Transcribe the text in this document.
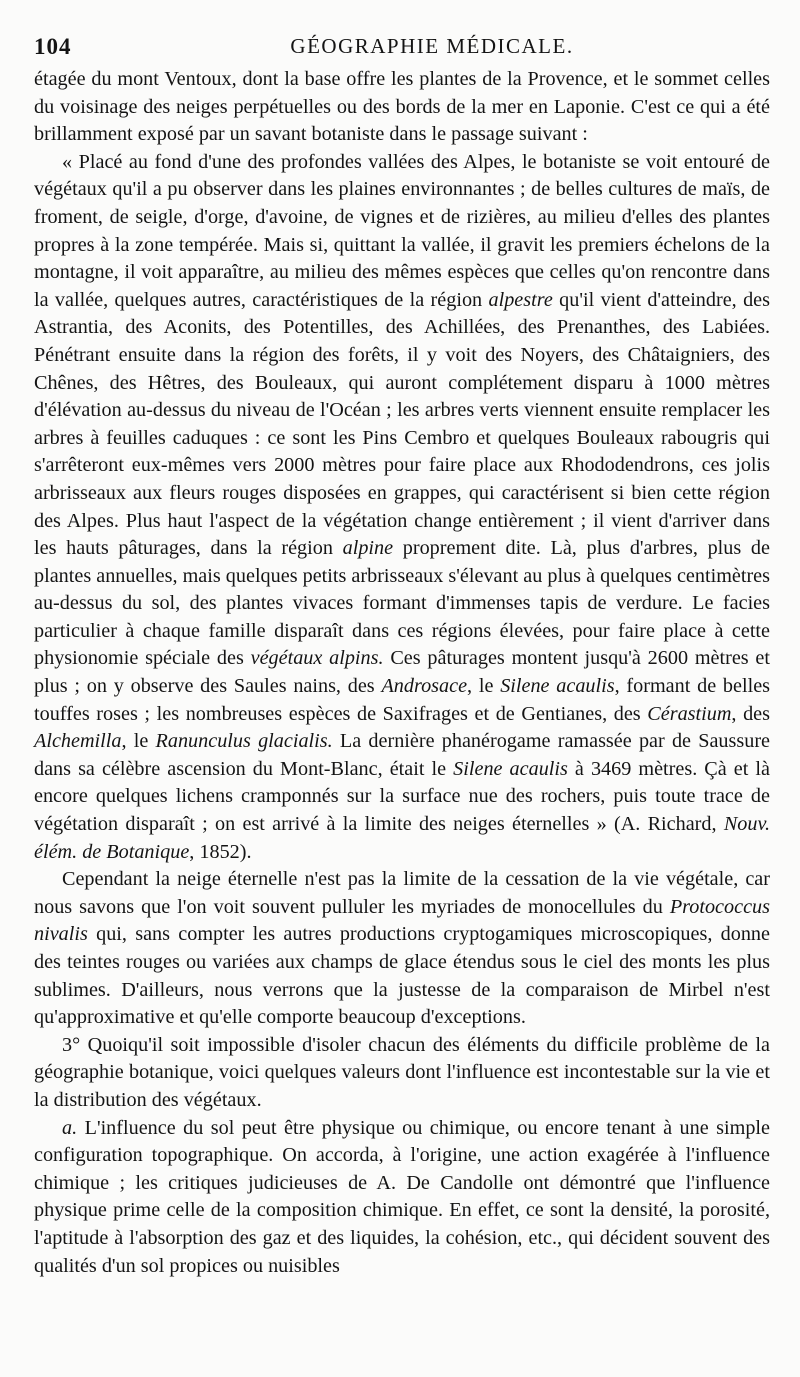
104	GÉOGRAPHIE MÉDICALE.

étagée du mont Ventoux, dont la base offre les plantes de la Provence, et le sommet celles du voisinage des neiges perpétuelles ou des bords de la mer en Laponie. C'est ce qui a été brillamment exposé par un savant botaniste dans le passage suivant :

« Placé au fond d'une des profondes vallées des Alpes, le botaniste se voit entouré de végétaux qu'il a pu observer dans les plaines environnantes ; de belles cultures de maïs, de froment, de seigle, d'orge, d'avoine, de vignes et de rizières, au milieu d'elles des plantes propres à la zone tempérée. Mais si, quittant la vallée, il gravit les premiers échelons de la montagne, il voit apparaître, au milieu des mêmes espèces que celles qu'on rencontre dans la vallée, quelques autres, caractéristiques de la région alpestre qu'il vient d'atteindre, des Astrantia, des Aconits, des Potentilles, des Achillées, des Prenanthes, des Labiées. Pénétrant ensuite dans la région des forêts, il y voit des Noyers, des Châtaigniers, des Chênes, des Hêtres, des Bouleaux, qui auront complétement disparu à 1000 mètres d'élévation au-dessus du niveau de l'Océan ; les arbres verts viennent ensuite remplacer les arbres à feuilles caduques : ce sont les Pins Cembro et quelques Bouleaux rabougris qui s'arrêteront eux-mêmes vers 2000 mètres pour faire place aux Rhododendrons, ces jolis arbrisseaux aux fleurs rouges disposées en grappes, qui caractérisent si bien cette région des Alpes. Plus haut l'aspect de la végétation change entièrement ; il vient d'arriver dans les hauts pâturages, dans la région alpine proprement dite. Là, plus d'arbres, plus de plantes annuelles, mais quelques petits arbrisseaux s'élevant au plus à quelques centimètres au-dessus du sol, des plantes vivaces formant d'immenses tapis de verdure. Le facies particulier à chaque famille disparaît dans ces régions élevées, pour faire place à cette physionomie spéciale des végétaux alpins. Ces pâturages montent jusqu'à 2600 mètres et plus ; on y observe des Saules nains, des Androsace, le Silene acaulis, formant de belles touffes roses ; les nombreuses espèces de Saxifrages et de Gentianes, des Cérastium, des Alchemilla, le Ranunculus glacialis. La dernière phanérogame ramassée par de Saussure dans sa célèbre ascension du Mont-Blanc, était le Silene acaulis à 3469 mètres. Çà et là encore quelques lichens cramponnés sur la surface nue des rochers, puis toute trace de végétation disparaît ; on est arrivé à la limite des neiges éternelles » (A. Richard, Nouv. élém. de Botanique, 1852).

Cependant la neige éternelle n'est pas la limite de la cessation de la vie végétale, car nous savons que l'on voit souvent pulluler les myriades de monocellules du Protococcus nivalis qui, sans compter les autres productions cryptogamiques microscopiques, donne des teintes rouges ou variées aux champs de glace étendus sous le ciel des monts les plus sublimes. D'ailleurs, nous verrons que la justesse de la comparaison de Mirbel n'est qu'approximative et qu'elle comporte beaucoup d'exceptions.

3° Quoiqu'il soit impossible d'isoler chacun des éléments du difficile problème de la géographie botanique, voici quelques valeurs dont l'influence est incontestable sur la vie et la distribution des végétaux.

a. L'influence du sol peut être physique ou chimique, ou encore tenant à une simple configuration topographique. On accorda, à l'origine, une action exagérée à l'influence chimique ; les critiques judicieuses de A. De Candolle ont démontré que l'influence physique prime celle de la composition chimique. En effet, ce sont la densité, la porosité, l'aptitude à l'absorption des gaz et des liquides, la cohésion, etc., qui décident souvent des qualités d'un sol propices ou nuisibles
